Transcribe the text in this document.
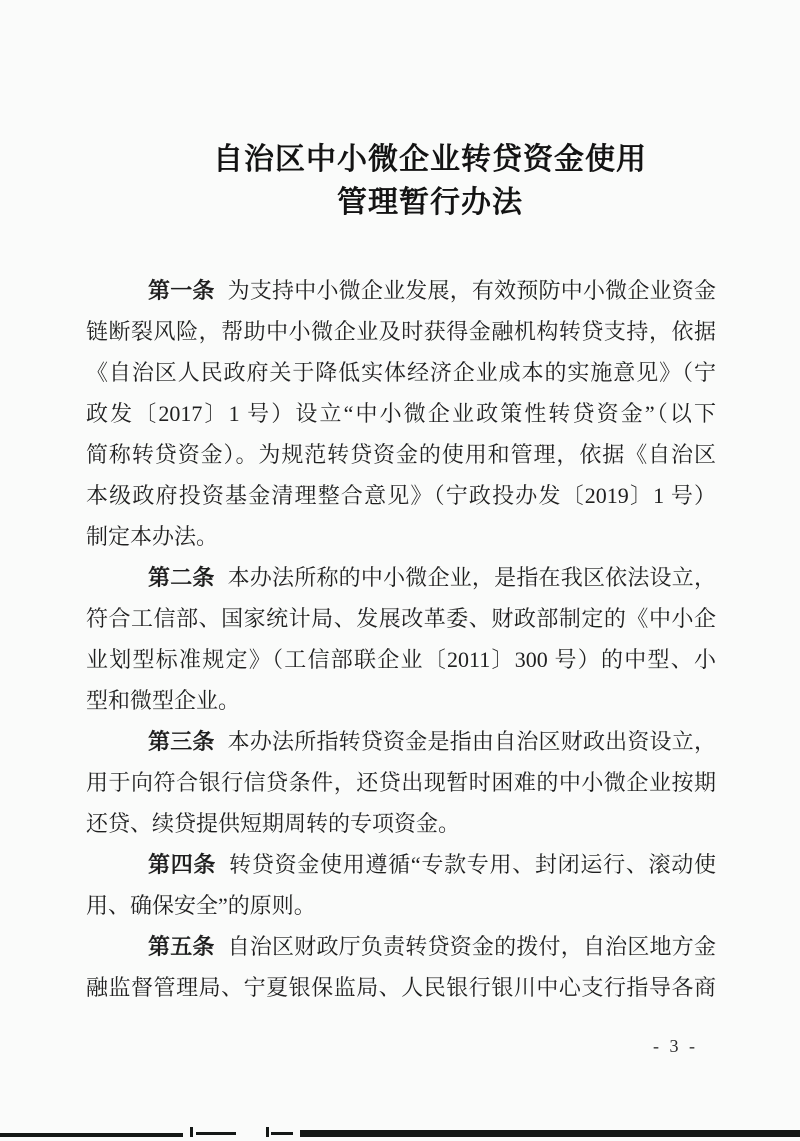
自治区中小微企业转贷资金使用
管理暂行办法
第一条 为支持中小微企业发展，有效预防中小微企业资金
链断裂风险，帮助中小微企业及时获得金融机构转贷支持，依据
《自治区人民政府关于降低实体经济企业成本的实施意见》（宁
政发〔2017〕1 号）设立“中小微企业政策性转贷资金”（以下
简称转贷资金）。为规范转贷资金的使用和管理，依据《自治区
本级政府投资基金清理整合意见》（宁政投办发〔2019〕1 号）
制定本办法。
第二条 本办法所称的中小微企业，是指在我区依法设立，
符合工信部、国家统计局、发展改革委、财政部制定的《中小企
业划型标准规定》（工信部联企业〔2011〕300 号）的中型、小
型和微型企业。
第三条 本办法所指转贷资金是指由自治区财政出资设立，
用于向符合银行信贷条件，还贷出现暂时困难的中小微企业按期
还贷、续贷提供短期周转的专项资金。
第四条 转贷资金使用遵循“专款专用、封闭运行、滚动使
用、确保安全”的原则。
第五条 自治区财政厅负责转贷资金的拨付，自治区地方金
融监督管理局、宁夏银保监局、人民银行银川中心支行指导各商
- 3 -
